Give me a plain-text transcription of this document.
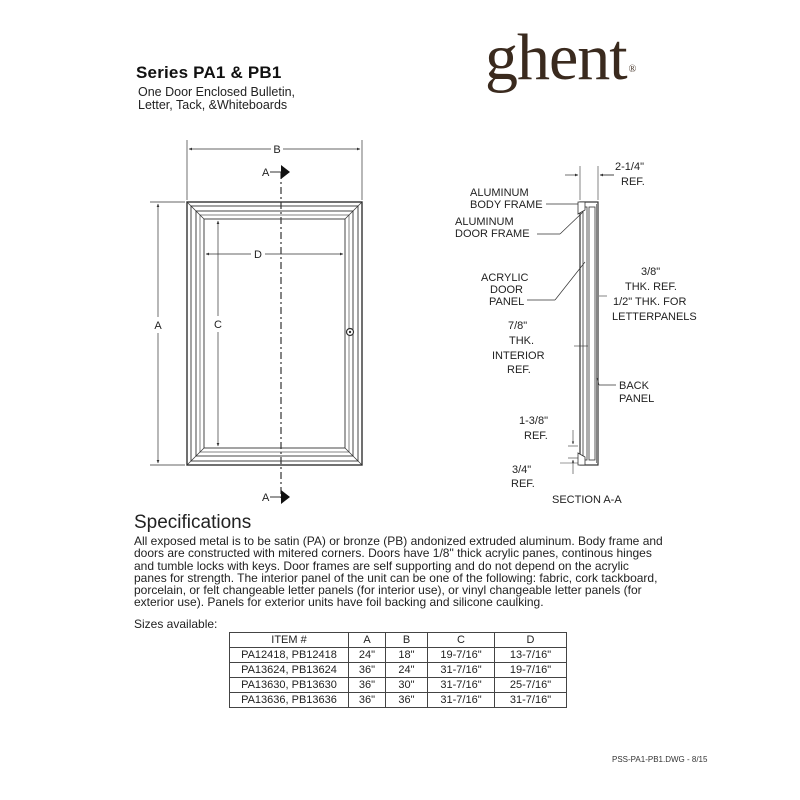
Series PA1 & PB1
One Door Enclosed Bulletin,
Letter, Tack, &Whiteboards
ghent ®
B
A	C
D
A
A
2-1/4"
REF.
ALUMINUM
BODY FRAME
ALUMINUM
DOOR FRAME
ACRYLIC
DOOR
PANEL
3/8"
THK. REF.
1/2" THK. FOR
LETTERPANELS
7/8"
THK.
INTERIOR
REF.
BACK
PANEL
1-3/8"
REF.
3/4"
REF.
SECTION A-A
Specifications
All exposed metal is to be satin (PA) or bronze (PB) andonized extruded aluminum. Body frame and doors are constructed with mitered corners. Doors have 1/8" thick acrylic panes, continous hinges and tumble locks with keys. Door frames are self supporting and do not depend on the acrylic panes for strength. The interior panel of the unit can be one of the following: fabric, cork tackboard, porcelain, or felt changeable letter panels (for interior use), or vinyl changeable letter panels (for exterior use). Panels for exterior units have foil backing and silicone caulking.
Sizes available:
ITEM #	A	B	C	D
PA12418, PB12418	24"	18"	19-7/16"	13-7/16"
PA13624, PB13624	36"	24"	31-7/16"	19-7/16"
PA13630, PB13630	36"	30"	31-7/16"	25-7/16"
PA13636, PB13636	36"	36"	31-7/16"	31-7/16"
PSS-PA1-PB1.DWG - 8/15
